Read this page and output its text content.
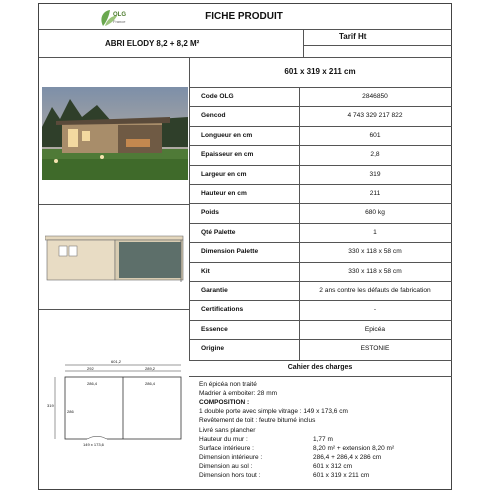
OLG
France	FICHE PRODUIT
ABRI ELODY 8,2 + 8,2 M²
Tarif Ht
601 x 319 x 211 cm
601,2
292	289,2
286,4	286,4
319
286
149 x 173,6
Cahier des charges
Code OLG	2846850
Gencod	4 743 329 217 822
Longueur en cm	601
Epaisseur en cm	2,8
Largeur en cm	319
Hauteur en cm	211
Poids	680 kg
Qté Palette	1
Dimension Palette	330 x 118 x 58 cm
Kit	330 x 118 x 58 cm
Garantie	2 ans contre les défauts de fabrication
Certifications	-
Essence	Epicéa
Origine	ESTONIE
En épicéa non traité
Madrier à emboiter: 28 mm
COMPOSITION :
1 double porte avec simple vitrage : 149 x 173,6 cm
Revêtement de toit : feutre bitumé inclus
Livré sans plancher
Hauteur du mur :	1,77 m
Surface intérieure :	8,20 m² + extension 8,20 m²
Dimension intérieure :	286,4 + 286,4 x 286 cm
Dimension au sol :	601 x 312 cm
Dimension hors tout :	601 x 319 x 211 cm
